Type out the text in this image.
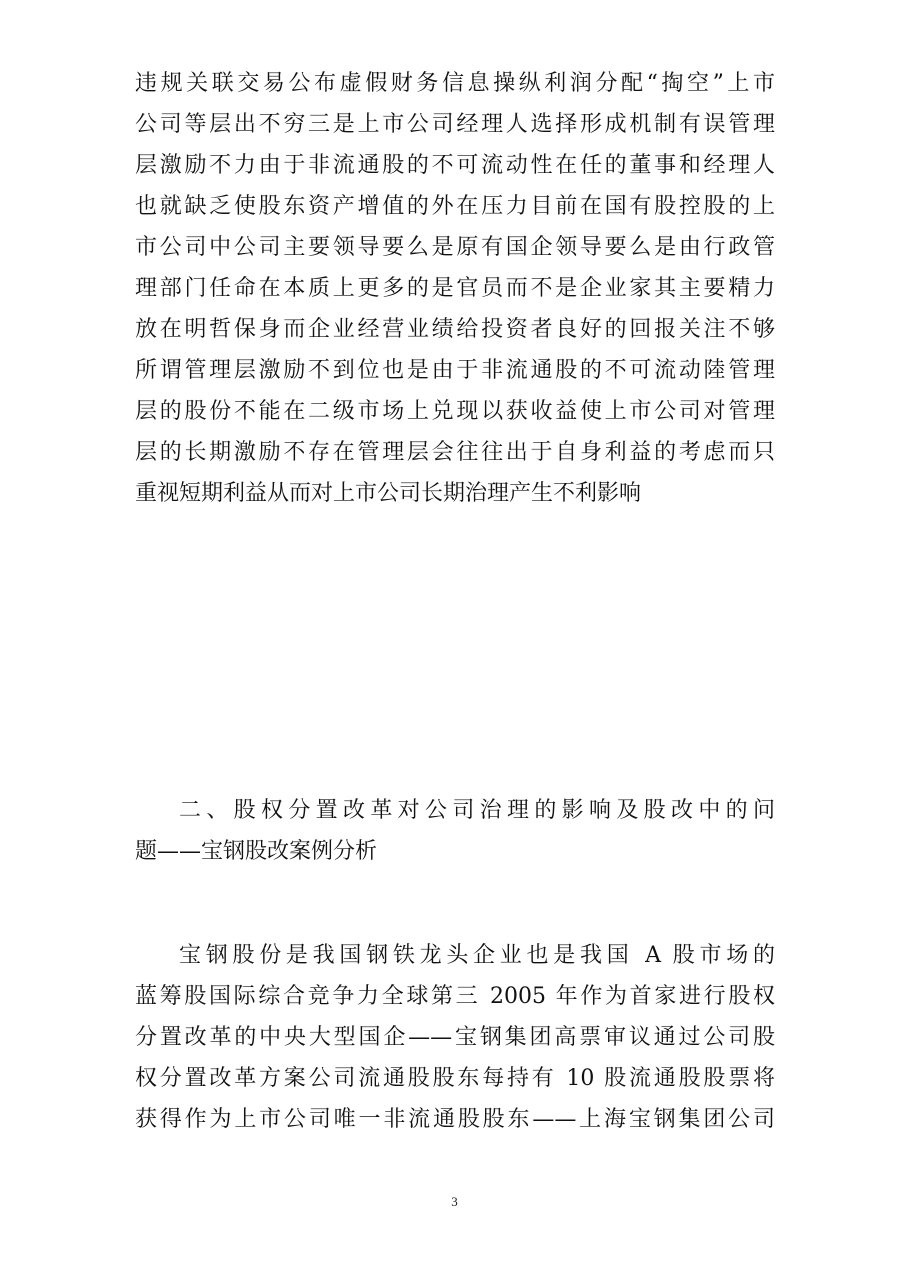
违规关联交易公布虚假财务信息操纵利润分配“掏空”上市
公司等层出不穷三是上市公司经理人选择形成机制有误管理
层激励不力由于非流通股的不可流动性在任的董事和经理人
也就缺乏使股东资产增值的外在压力目前在国有股控股的上
市公司中公司主要领导要么是原有国企领导要么是由行政管
理部门任命在本质上更多的是官员而不是企业家其主要精力
放在明哲保身而企业经营业绩给投资者良好的回报关注不够
所谓管理层激励不到位也是由于非流通股的不可流动陸管理
层的股份不能在二级市场上兑现以获收益使上市公司对管理
层的长期激励不存在管理层会往往出于自身利益的考虑而只
重视短期利益从而对上市公司长期治理产生不利影响
二、股权分置改革对公司治理的影响及股改中的问
题——宝钢股改案例分析
宝钢股份是我国钢铁龙头企业也是我国 A 股市场的
蓝筹股国际综合竞争力全球第三 2005 年作为首家进行股权
分置改革的中央大型国企——宝钢集团高票审议通过公司股
权分置改革方案公司流通股股东每持有 10 股流通股股票将
获得作为上市公司唯一非流通股股东——上海宝钢集团公司
3
